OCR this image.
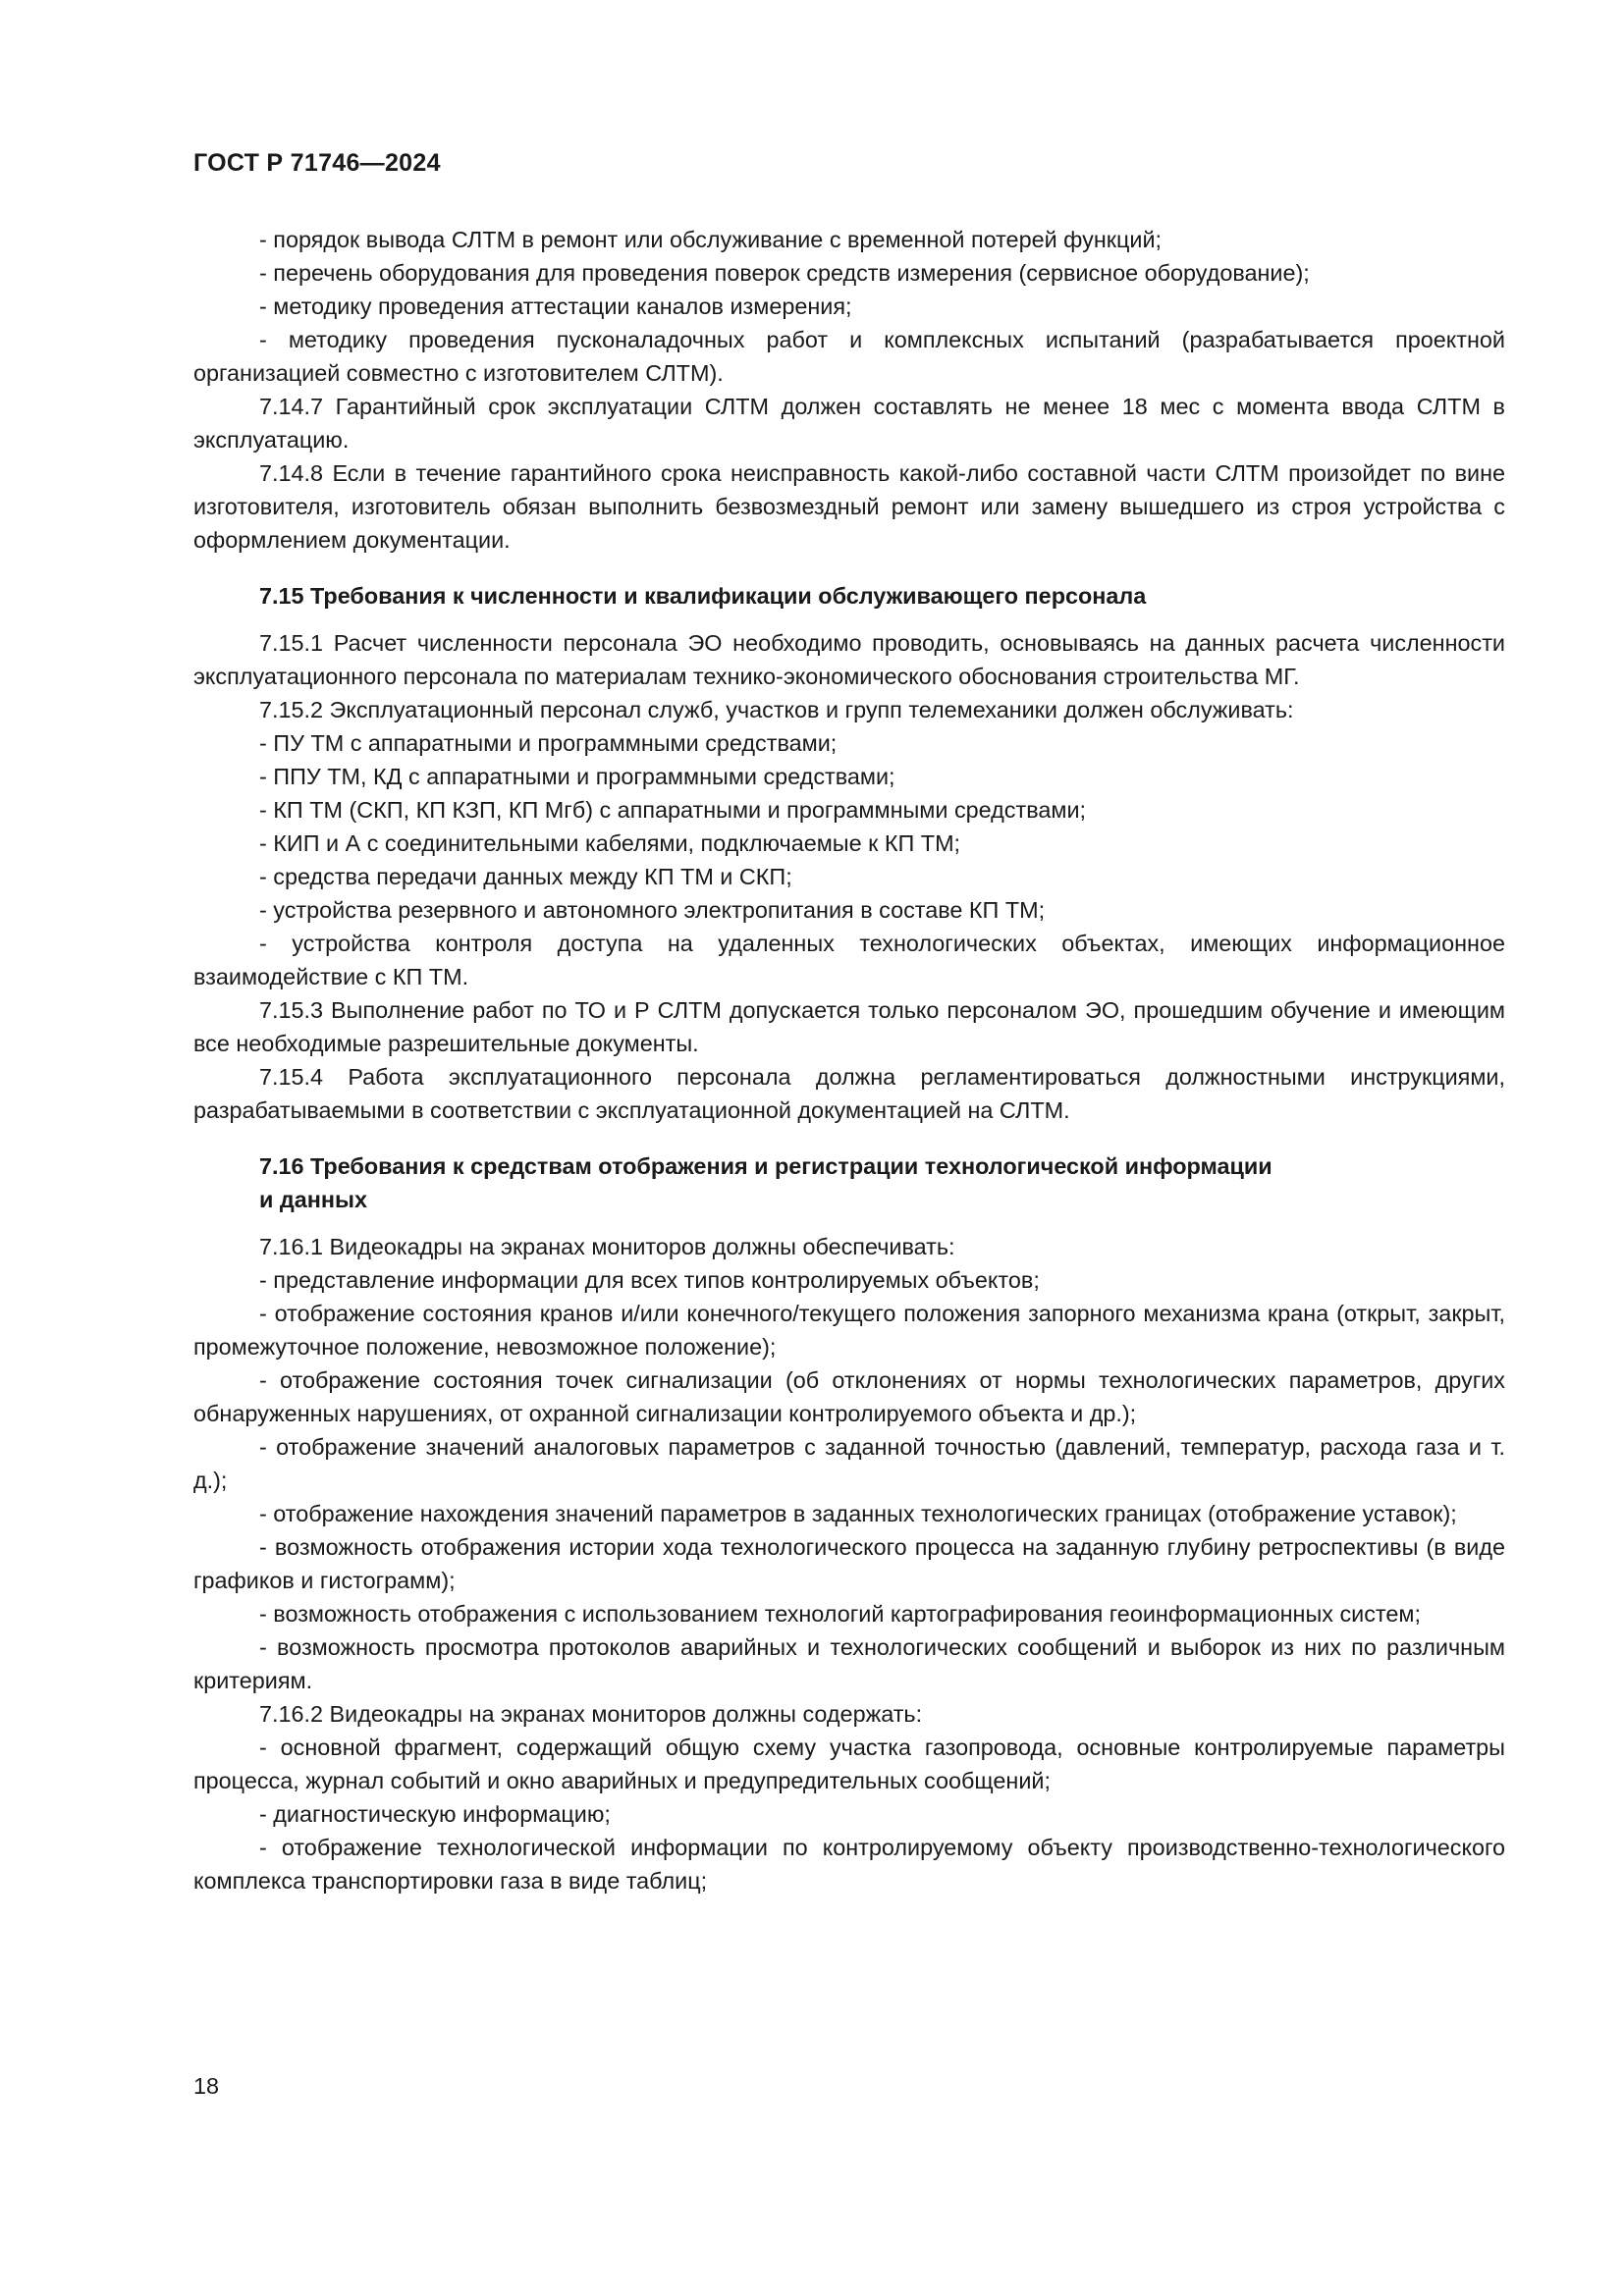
ГОСТ Р 71746—2024

- порядок вывода СЛТМ в ремонт или обслуживание с временной потерей функций;

- перечень оборудования для проведения поверок средств измерения (сервисное оборудование);

- методику проведения аттестации каналов измерения;

- методику проведения пусконаладочных работ и комплексных испытаний (разрабатывается проектной организацией совместно с изготовителем СЛТМ).

7.14.7 Гарантийный срок эксплуатации СЛТМ должен составлять не менее 18 мес с момента ввода СЛТМ в эксплуатацию.

7.14.8 Если в течение гарантийного срока неисправность какой-либо составной части СЛТМ произойдет по вине изготовителя, изготовитель обязан выполнить безвозмездный ремонт или замену вышедшего из строя устройства с оформлением документации.

7.15 Требования к численности и квалификации обслуживающего персонала

7.15.1 Расчет численности персонала ЭО необходимо проводить, основываясь на данных расчета численности эксплуатационного персонала по материалам технико-экономического обоснования строительства МГ.

7.15.2 Эксплуатационный персонал служб, участков и групп телемеханики должен обслуживать:

- ПУ ТМ с аппаратными и программными средствами;

- ППУ ТМ, КД с аппаратными и программными средствами;

- КП ТМ (СКП, КП КЗП, КП Мгб) с аппаратными и программными средствами;

- КИП и А с соединительными кабелями, подключаемые к КП ТМ;

- средства передачи данных между КП ТМ и СКП;

- устройства резервного и автономного электропитания в составе КП ТМ;

- устройства контроля доступа на удаленных технологических объектах, имеющих информационное взаимодействие с КП ТМ.

7.15.3 Выполнение работ по ТО и Р СЛТМ допускается только персоналом ЭО, прошедшим обучение и имеющим все необходимые разрешительные документы.

7.15.4 Работа эксплуатационного персонала должна регламентироваться должностными инструкциями, разрабатываемыми в соответствии с эксплуатационной документацией на СЛТМ.

7.16 Требования к средствам отображения и регистрации технологической информации
и данных

7.16.1 Видеокадры на экранах мониторов должны обеспечивать:

- представление информации для всех типов контролируемых объектов;

- отображение состояния кранов и/или конечного/текущего положения запорного механизма крана (открыт, закрыт, промежуточное положение, невозможное положение);

- отображение состояния точек сигнализации (об отклонениях от нормы технологических параметров, других обнаруженных нарушениях, от охранной сигнализации контролируемого объекта и др.);

- отображение значений аналоговых параметров с заданной точностью (давлений, температур, расхода газа и т. д.);

- отображение нахождения значений параметров в заданных технологических границах (отображение уставок);

- возможность отображения истории хода технологического процесса на заданную глубину ретроспективы (в виде графиков и гистограмм);

- возможность отображения с использованием технологий картографирования геоинформационных систем;

- возможность просмотра протоколов аварийных и технологических сообщений и выборок из них по различным критериям.

7.16.2 Видеокадры на экранах мониторов должны содержать:

- основной фрагмент, содержащий общую схему участка газопровода, основные контролируемые параметры процесса, журнал событий и окно аварийных и предупредительных сообщений;

- диагностическую информацию;

- отображение технологической информации по контролируемому объекту производственно-технологического комплекса транспортировки газа в виде таблиц;

18
